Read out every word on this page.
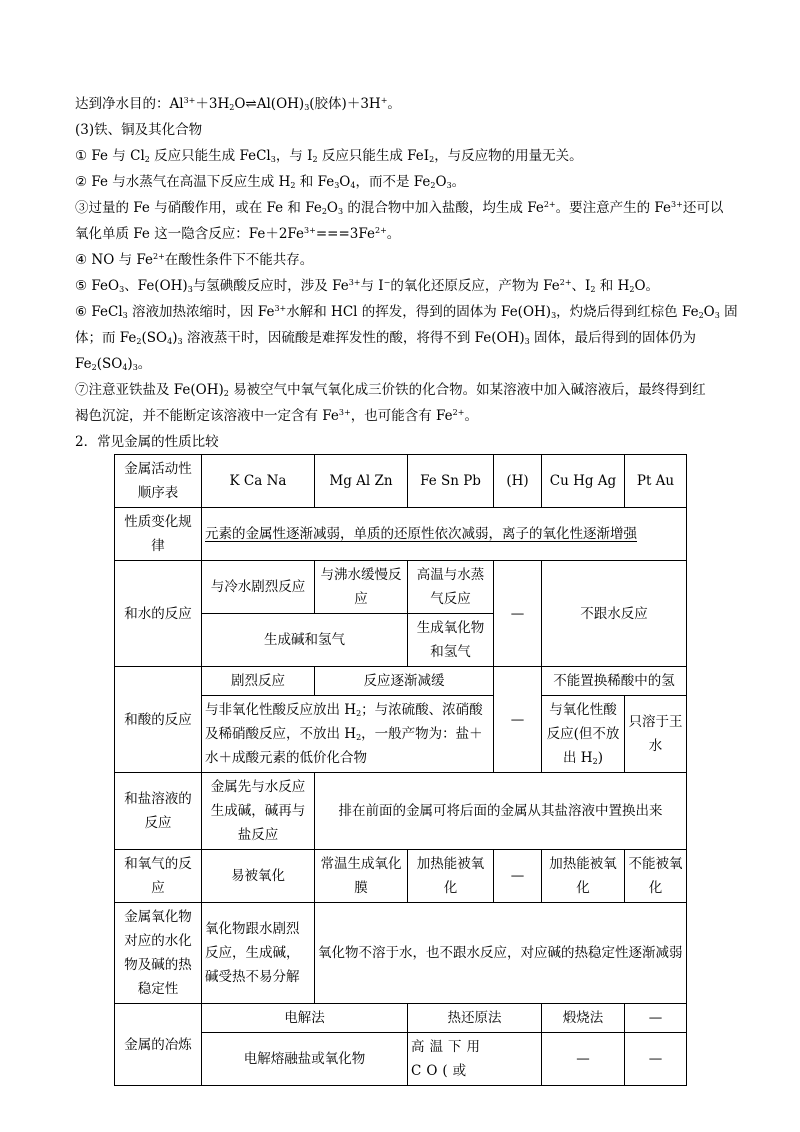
达到净水目的：$Al^{3+}+3H_2O\rightleftharpoons Al(OH)_3$(胶体)＋3H+。
(3)铁、铜及其化合物
① Fe 与 $Cl_2$ 反应只能生成 FeCl$_3$，与 $I_2$ 反应只能生成 FeI$_2$，与反应物的用量无关。
② Fe 与水蒸气在高温下反应生成 $H_2$ 和 $Fe_3O_4$，而不是 $Fe_2O_3$。
③过量的 Fe 与硝酸作用，或在 Fe 和 $Fe_2O_3$ 的混合物中加入盐酸，均生成 $Fe^{2+}$。要注意产生的 $Fe^{3+}$还可以
氧化单质 Fe 这一隐含反应：$Fe+2Fe^{3+}===3Fe^{2+}$。
④ NO 与 $Fe^{2+}$在酸性条件下不能共存。
⑤ FeO$_3$、$Fe(OH)_3$与氢碘酸反应时，涉及 $Fe^{3+}$与 I−的氧化还原反应，产物为 $Fe^{2+}$、$I_2$ 和 $H_2O$。
⑥ FeCl$_3$ 溶液加热浓缩时，因 $Fe^{3+}$水解和 HCl 的挥发，得到的固体为 $Fe(OH)_3$，灼烧后得到红棕色 $Fe_2O_3$ 固
体；而 $Fe_2(SO_4)_3$ 溶液蒸干时，因硫酸是难挥发性的酸，将得不到 $Fe(OH)_3$ 固体，最后得到的固体仍为
$Fe_2(SO_4)_3$。
⑦注意亚铁盐及 $Fe(OH)_2$ 易被空气中氧气氧化成三价铁的化合物。如某溶液中加入碱溶液后，最终得到红
褐色沉淀，并不能断定该溶液中一定含有 $Fe^{3+}$，也可能含有 $Fe^{2+}$。
2．常见金属的性质比较
金属活动性顺序表	K Ca Na	Mg Al Zn	Fe Sn Pb	(H)	Cu Hg Ag	Pt Au
性质变化规律	元素的金属性逐渐减弱，单质的还原性依次减弱，离子的氧化性逐渐增强					
和水的反应	与冷水剧烈反应	与沸水缓慢反应	高温与水蒸气反应	—	不跟水反应	
	生成碱和氢气		生成氧化物和氢气			
和酸的反应	剧烈反应	反应逐渐减缓		—	不能置换稀酸中的氢	
	与非氧化性酸反应放出 $H_2$；与浓硫酸、浓硝酸及稀硝酸反应，不放出 $H_2$，一般产物为：盐＋水＋成酸元素的低价化合物				与氧化性酸反应(但不放出 $H_2$)	只溶于王水
和盐溶液的反应	金属先与水反应生成碱，碱再与盐反应	排在前面的金属可将后面的金属从其盐溶液中置换出来				
和氧气的反应	易被氧化	常温生成氧化膜	加热能被氧化	—	加热能被氧化	不能被氧化
金属氧化物对应的水化物及碱的热稳定性	氧化物跟水剧烈反应，生成碱，碱受热不易分解	氧化物不溶于水，也不跟水反应，对应碱的热稳定性逐渐减弱				
金属的冶炼	电解法		热还原法		煅烧法	—
	电解熔融盐或氧化物		高温下用CO(或		—	—
